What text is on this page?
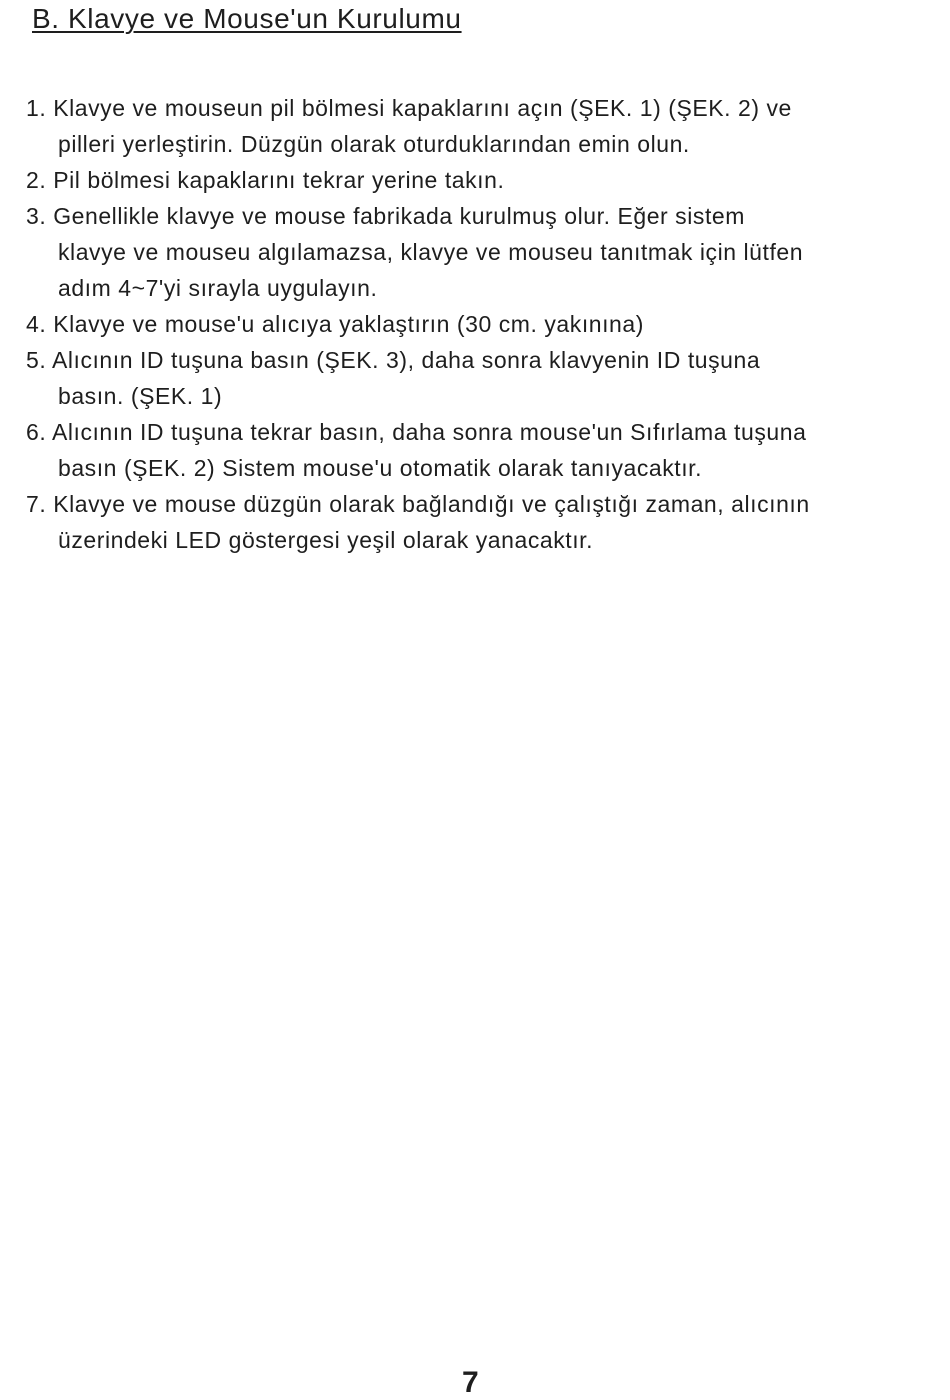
B. Klavye ve Mouse'un Kurulumu
1. Klavye ve mouseun pil bölmesi kapaklarını açın (ŞEK. 1) (ŞEK. 2) ve
pilleri yerleştirin. Düzgün olarak oturduklarından emin olun.
2. Pil bölmesi kapaklarını tekrar yerine takın.
3. Genellikle klavye ve mouse fabrikada kurulmuş olur. Eğer sistem
klavye ve mouseu algılamazsa, klavye ve mouseu tanıtmak için lütfen
adım 4~7'yi sırayla uygulayın.
4. Klavye ve mouse'u alıcıya yaklaştırın (30 cm. yakınına)
5. Alıcının ID tuşuna basın (ŞEK. 3), daha sonra klavyenin ID tuşuna
basın. (ŞEK. 1)
6. Alıcının ID tuşuna tekrar basın, daha sonra mouse'un Sıfırlama tuşuna
basın (ŞEK. 2) Sistem mouse'u otomatik olarak tanıyacaktır.
7. Klavye ve mouse düzgün olarak bağlandığı ve çalıştığı zaman, alıcının
üzerindeki LED göstergesi yeşil olarak yanacaktır.
7
